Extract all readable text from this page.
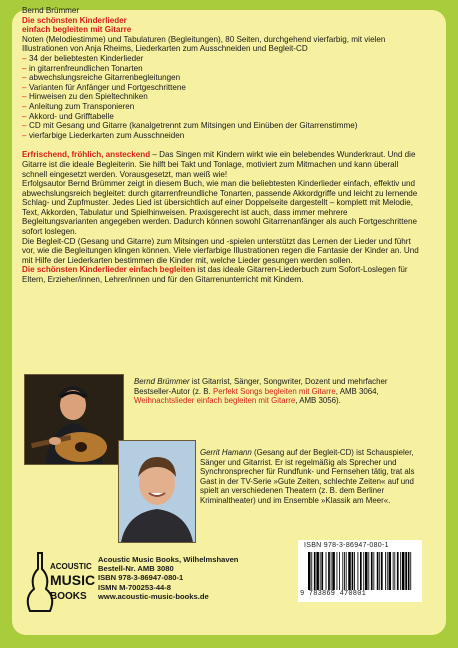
Bernd Brümmer

Die schönsten Kinderlieder

einfach begleiten mit Gitarre

Noten (Melodiestimme) und Tabulaturen (Begleitungen), 80 Seiten, durchgehend vierfarbig, mit vielen Illustrationen von Anja Rheims, Liederkarten zum Ausschneiden und Begleit-CD

– 34 der beliebtesten Kinderlieder
– in gitarrenfreundlichen Tonarten
– abwechslungsreiche Gitarrenbegleitungen
– Varianten für Anfänger und Fortgeschrittene
– Hinweisen zu den Spieltechniken
– Anleitung zum Transponieren
– Akkord- und Grifftabelle
– CD mit Gesang und Gitarre (kanalgetrennt zum Mitsingen und Einüben der Gitarrenstimme)
– vierfarbige Liederkarten zum Ausschneiden

Erfrischend, fröhlich, ansteckend – Das Singen mit Kindern wirkt wie ein belebendes Wunderkraut. Und die Gitarre ist die ideale Begleiterin. Sie hilft bei Takt und Tonlage, motiviert zum Mitmachen und kann überall schnell eingesetzt werden. Vorausgesetzt, man weiß wie!

Erfolgsautor Bernd Brümmer zeigt in diesem Buch, wie man die beliebtesten Kinderlieder einfach, effektiv und abwechslungsreich begleitet: durch gitarrenfreundliche Tonarten, passende Akkordgriffe und leicht zu lernende Schlag- und Zupfmuster. Jedes Lied ist übersichtlich auf einer Doppelseite dargestellt – komplett mit Melodie, Text, Akkorden, Tabulatur und Spielhinweisen. Praxisgerecht ist auch, dass immer mehrere Begleitungsvarianten angegeben werden. Dadurch können sowohl Gitarrenanfänger als auch Fortgeschrittene sofort loslegen.

Die Begleit-CD (Gesang und Gitarre) zum Mitsingen und -spielen unterstützt das Lernen der Lieder und führt vor, wie die Begleitungen klingen können. Viele vierfarbige Illustrationen regen die Fantasie der Kinder an. Und mit Hilfe der Liederkarten bestimmen die Kinder mit, welche Lieder gesungen werden sollen.

Die schönsten Kinderlieder einfach begleiten ist das ideale Gitarren-Liederbuch zum Sofort-Loslegen für Eltern, Erzieher/innen, Lehrer/innen und für den Gitarrenunterricht mit Kindern.

Bernd Brümmer ist Gitarrist, Sänger, Songwriter, Dozent und mehrfacher Bestseller-Autor (z. B. Perfekt Songs begleiten mit Gitarre, AMB 3064, Weihnachtslieder einfach begleiten mit Gitarre, AMB 3056).
Gerrit Hamann (Gesang auf der Begleit-CD) ist Schauspieler, Sänger und Gitarrist. Er ist regelmäßig als Sprecher und Synchronsprecher für Rundfunk- und Fernsehen tätig, trat als Gast in der TV-Serie »Gute Zeiten, schlechte Zeiten« auf und spielt an verschiedenen Theatern (z. B. dem Berliner Kriminaltheater) und im Ensemble »Klassik am Meer«.
ACOUSTIC
MUSIC
BOOKS
Acoustic Music Books, Wilhelmshaven
Bestell-Nr. AMB 3080
ISBN 978-3-86947-080-1
ISMN M-700253-44-8
www.acoustic-music-books.de
ISBN 978-3-86947-080-1
9 783869 470801
